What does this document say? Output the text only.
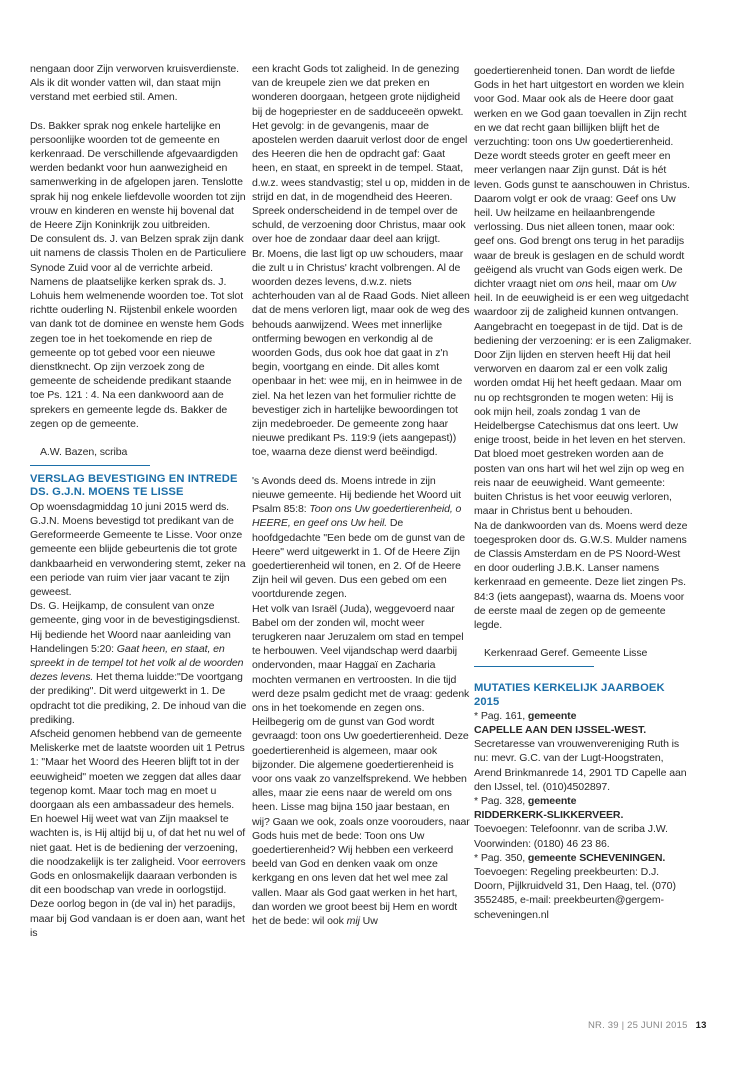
nengaan door Zijn verworven kruisverdienste. Als ik dit wonder vatten wil, dan staat mijn verstand met eerbied stil. Amen.

Ds. Bakker sprak nog enkele hartelijke en persoonlijke woorden tot de gemeente en kerkenraad. De verschillende afgevaardigden werden bedankt voor hun aanwezigheid en samenwerking in de afgelopen jaren. Tenslotte sprak hij nog enkele liefdevolle woorden tot zijn vrouw en kinderen en wenste hij bovenal dat de Heere Zijn Koninkrijk zou uitbreiden.

De consulent ds. J. van Belzen sprak zijn dank uit namens de classis Tholen en de Particuliere Synode Zuid voor al de verrichte arbeid. Namens de plaatselijke kerken sprak ds. J. Lohuis hem welmenende woorden toe. Tot slot richtte ouderling N. Rijstenbil enkele woorden van dank tot de dominee en wenste hem Gods zegen toe in het toekomende en riep de gemeente op tot gebed voor een nieuwe dienstknecht. Op zijn verzoek zong de gemeente de scheidende predikant staande toe Ps. 121 : 4. Na een dankwoord aan de sprekers en gemeente legde ds. Bakker de zegen op de gemeente.

A.W. Bazen, scriba

VERSLAG BEVESTIGING EN INTREDE DS. G.J.N. MOENS TE LISSE

Op woensdagmiddag 10 juni 2015 werd ds. G.J.N. Moens bevestigd tot predikant van de Gereformeerde Gemeente te Lisse. Voor onze gemeente een blijde gebeurtenis die tot grote dankbaarheid en verwondering stemt, zeker na een periode van ruim vier jaar vacant te zijn geweest.

Ds. G. Heijkamp, de consulent van onze gemeente, ging voor in de bevestigingsdienst. Hij bediende het Woord naar aanleiding van Handelingen 5:20: Gaat heen, en staat, en spreekt in de tempel tot het volk al de woorden dezes levens. Het thema luidde:"De voortgang der prediking". Dit werd uitgewerkt in 1. De opdracht tot die prediking, 2. De inhoud van die prediking.

Afscheid genomen hebbend van de gemeente Meliskerke met de laatste woorden uit 1 Petrus 1: "Maar het Woord des Heeren blijft tot in der eeuwigheid" moeten we zeggen dat alles daar tegenop komt. Maar toch mag en moet u doorgaan als een ambassadeur des hemels. En hoewel Hij weet wat van Zijn maaksel te wachten is, is Hij altijd bij u, of dat het nu wel of niet gaat. Het is de bediening der verzoening, die noodzakelijk is ter zaligheid. Voor eerrovers Gods en onlosmakelijk daaraan verbonden is dit een boodschap van vrede in oorlogstijd. Deze oorlog begon in (de val in) het paradijs, maar bij God vandaan is er doen aan, want het is

een kracht Gods tot zaligheid. In de genezing van de kreupele zien we dat preken en wonderen doorgaan, hetgeen grote nijdigheid bij de hogepriester en de sadduceeën opwekt. Het gevolg: in de gevangenis, maar de apostelen werden daaruit verlost door de engel des Heeren die hen de opdracht gaf: Gaat heen, en staat, en spreekt in de tempel. Staat, d.w.z. wees standvastig; stel u op, midden in de strijd en dat, in de mogendheid des Heeren. Spreek onderscheidend in de tempel over de schuld, de verzoening door Christus, maar ook over hoe de zondaar daar deel aan krijgt.

Br. Moens, die last ligt op uw schouders, maar die zult u in Christus' kracht volbrengen. Al de woorden dezes levens, d.w.z. niets achterhouden van al de Raad Gods. Niet alleen dat de mens verloren ligt, maar ook de weg des behouds aanwijzend. Wees met innerlijke ontferming bewogen en verkondig al de woorden Gods, dus ook hoe dat gaat in z'n begin, voortgang en einde. Dit alles komt openbaar in het: wee mij, en in heimwee in de ziel. Na het lezen van het formulier richtte de bevestiger zich in hartelijke bewoordingen tot zijn medebroeder. De gemeente zong haar nieuwe predikant Ps. 119:9 (iets aangepast)) toe, waarna deze dienst werd beëindigd.

's Avonds deed ds. Moens intrede in zijn nieuwe gemeente. Hij bediende het Woord uit Psalm 85:8: Toon ons Uw goedertierenheid, o HEERE, en geef ons Uw heil. De hoofdgedachte "Een bede om de gunst van de Heere" werd uitgewerkt in 1. Of de Heere Zijn goedertierenheid wil tonen, en 2. Of de Heere Zijn heil wil geven. Dus een gebed om een voortdurende zegen.

Het volk van Israël (Juda), weggevoerd naar Babel om der zonden wil, mocht weer terugkeren naar Jeruzalem om stad en tempel te herbouwen. Veel vijandschap werd daarbij ondervonden, maar Haggaï en Zacharia mochten vermanen en vertroosten. In die tijd werd deze psalm gedicht met de vraag: gedenk ons in het toekomende en zegen ons. Heilbegerig om de gunst van God wordt gevraagd: toon ons Uw goedertierenheid. Deze goedertierenheid is algemeen, maar ook bijzonder. Die algemene goedertierenheid is voor ons vaak zo vanzelfsprekend. We hebben alles, maar zie eens naar de wereld om ons heen. Lisse mag bijna 150 jaar bestaan, en wij? Gaan we ook, zoals onze voorouders, naar Gods huis met de bede: Toon ons Uw goedertierenheid? Wij hebben een verkeerd beeld van God en denken vaak om onze kerkgang en ons leven dat het wel mee zal vallen. Maar als God gaat werken in het hart, dan worden we groot beest bij Hem en wordt het de bede: wil ook mij Uw

goedertierenheid tonen. Dan wordt de liefde Gods in het hart uitgestort en worden we klein voor God. Maar ook als de Heere door gaat werken en we God gaan toevallen in Zijn recht en we dat recht gaan billijken blijft het de verzuchting: toon ons Uw goedertierenheid. Deze wordt steeds groter en geeft meer en meer verlangen naar Zijn gunst. Dát is hét leven. Gods gunst te aanschouwen in Christus. Daarom volgt er ook de vraag: Geef ons Uw heil. Uw heilzame en heilaanbrengende verlossing. Dus niet alleen tonen, maar ook: geef ons. God brengt ons terug in het paradijs waar de breuk is geslagen en de schuld wordt geëigend als vrucht van Gods eigen werk. De dichter vraagt niet om ons heil, maar om Uw heil. In de eeuwigheid is er een weg uitgedacht waardoor zij de zaligheid kunnen ontvangen. Aangebracht en toegepast in de tijd. Dat is de bediening der verzoening: er is een Zaligmaker. Door Zijn lijden en sterven heeft Hij dat heil verworven en daarom zal er een volk zalig worden omdat Hij het heeft gedaan. Maar om nu op rechtsgronden te mogen weten: Hij is ook mijn heil, zoals zondag 1 van de Heidelbergse Catechismus dat ons leert. Uw enige troost, beide in het leven en het sterven. Dat bloed moet gestreken worden aan de posten van ons hart wil het wel zijn op weg en reis naar de eeuwigheid. Want gemeente: buiten Christus is het voor eeuwig verloren, maar in Christus bent u behouden.

Na de dankwoorden van ds. Moens werd deze toegesproken door ds. G.W.S. Mulder namens de Classis Amsterdam en de PS Noord-West en door ouderling J.B.K. Lanser namens kerkenraad en gemeente. Deze liet zingen Ps. 84:3 (iets aangepast), waarna ds. Moens voor de eerste maal de zegen op de gemeente legde.

Kerkenraad Geref. Gemeente Lisse

MUTATIES KERKELIJK JAARBOEK 2015

* Pag. 161, gemeente

CAPELLE AAN DEN IJSSEL-WEST.

Secretaresse van vrouwenvereniging Ruth is nu: mevr. G.C. van der Lugt-Hoogstraten, Arend Brinkmanrede 14, 2901 TD Capelle aan den IJssel, tel. (010)4502897.

* Pag. 328, gemeente

RIDDERKERK-SLIKKERVEER.

Toevoegen: Telefoonnr. van de scriba J.W. Voorwinden: (0180) 46 23 86.

* Pag. 350, gemeente SCHEVENINGEN.

Toevoegen: Regeling preekbeurten: D.J. Doorn, Pijlkruidveld 31, Den Haag, tel. (070) 3552485, e-mail: preekbeurten@gergem-scheveningen.nl

NR. 39 | 25 JUNI 2015 13
